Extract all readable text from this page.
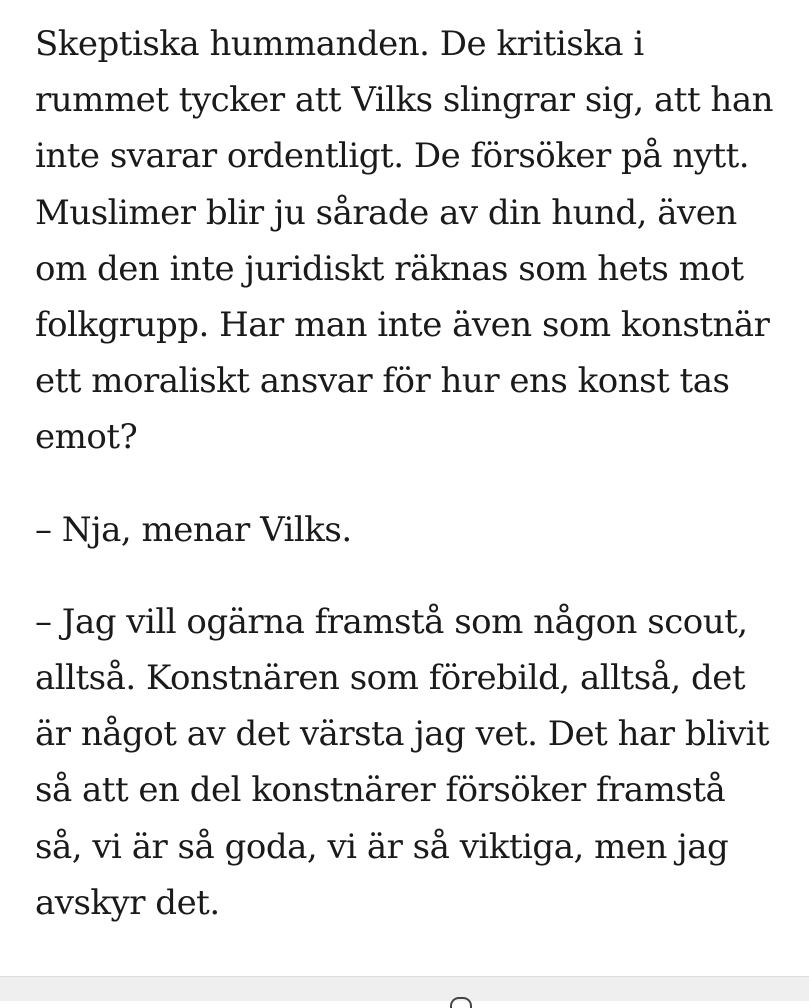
Skeptiska hummanden. De kritiska i
rummet tycker att Vilks slingrar sig, att han
inte svarar ordentligt. De försöker på nytt.
Muslimer blir ju sårade av din hund, även
om den inte juridiskt räknas som hets mot
folkgrupp. Har man inte även som konstnär
ett moraliskt ansvar för hur ens konst tas
emot?

– Nja, menar Vilks.

– Jag vill ogärna framstå som någon scout,
alltså. Konstnären som förebild, alltså, det
är något av det värsta jag vet. Det har blivit
så att en del konstnärer försöker framstå
så, vi är så goda, vi är så viktiga, men jag
avskyr det.
